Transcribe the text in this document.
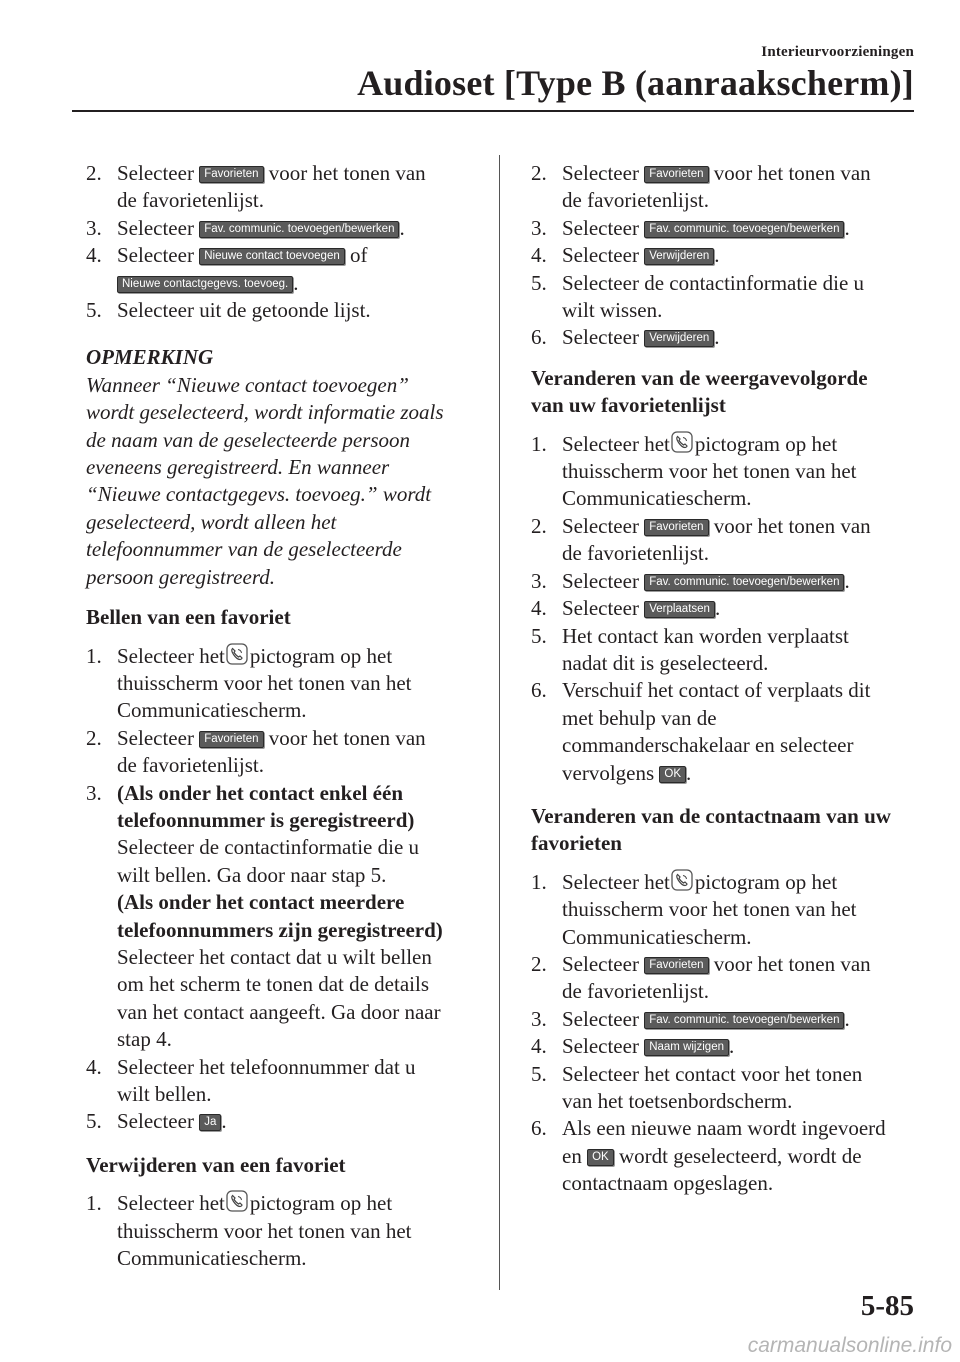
Interieurvoorzieningen
Audioset [Type B (aanraakscherm)]

2. Selecteer Favorieten voor het tonen van
de favorietenlijst.

3. Selecteer Fav. communic. toevoegen/bewerken .

4. Selecteer Nieuwe contact toevoegen of
Nieuwe contactgegevs. toevoeg. .

5. Selecteer uit de getoonde lijst.

OPMERKING
Wanneer “Nieuwe contact toevoegen”
wordt geselecteerd, wordt informatie zoals
de naam van de geselecteerde persoon
eveneens geregistreerd. En wanneer
“Nieuwe contactgegevs. toevoeg.” wordt
geselecteerd, wordt alleen het
telefoonnummer van de geselecteerde
persoon geregistreerd.
Bellen van een favoriet

1. Selecteer het pictogram op het
thuisscherm voor het tonen van het
Communicatiescherm.

2. Selecteer Favorieten voor het tonen van
de favorietenlijst.

3. (Als onder het contact enkel één
telefoonnummer is geregistreerd)
Selecteer de contactinformatie die u
wilt bellen. Ga door naar stap 5.
(Als onder het contact meerdere
telefoonnummers zijn geregistreerd)
Selecteer het contact dat u wilt bellen
om het scherm te tonen dat de details
van het contact aangeeft. Ga door naar
stap 4.

4. Selecteer het telefoonnummer dat u
wilt bellen.

5. Selecteer Ja .

Verwijderen van een favoriet

1. Selecteer het pictogram op het
thuisscherm voor het tonen van het
Communicatiescherm.

2. Selecteer Favorieten voor het tonen van
de favorietenlijst.

3. Selecteer Fav. communic. toevoegen/bewerken .

4. Selecteer Verwijderen .

5. Selecteer de contactinformatie die u
wilt wissen.

6. Selecteer Verwijderen .

Veranderen van de weergavevolgorde
van uw favorietenlijst

1. Selecteer het pictogram op het
thuisscherm voor het tonen van het
Communicatiescherm.

2. Selecteer Favorieten voor het tonen van
de favorietenlijst.

3. Selecteer Fav. communic. toevoegen/bewerken .

4. Selecteer Verplaatsen .

5. Het contact kan worden verplaatst
nadat dit is geselecteerd.

6. Verschuif het contact of verplaats dit
met behulp van de
commanderschakelaar en selecteer
vervolgens OK .

Veranderen van de contactnaam van uw
favorieten

1. Selecteer het pictogram op het
thuisscherm voor het tonen van het
Communicatiescherm.

2. Selecteer Favorieten voor het tonen van
de favorietenlijst.

3. Selecteer Fav. communic. toevoegen/bewerken .

4. Selecteer Naam wijzigen .

5. Selecteer het contact voor het tonen
van het toetsenbordscherm.

6. Als een nieuwe naam wordt ingevoerd
en OK wordt geselecteerd, wordt de
contactnaam opgeslagen.

5-85
carmanualsonline.info
